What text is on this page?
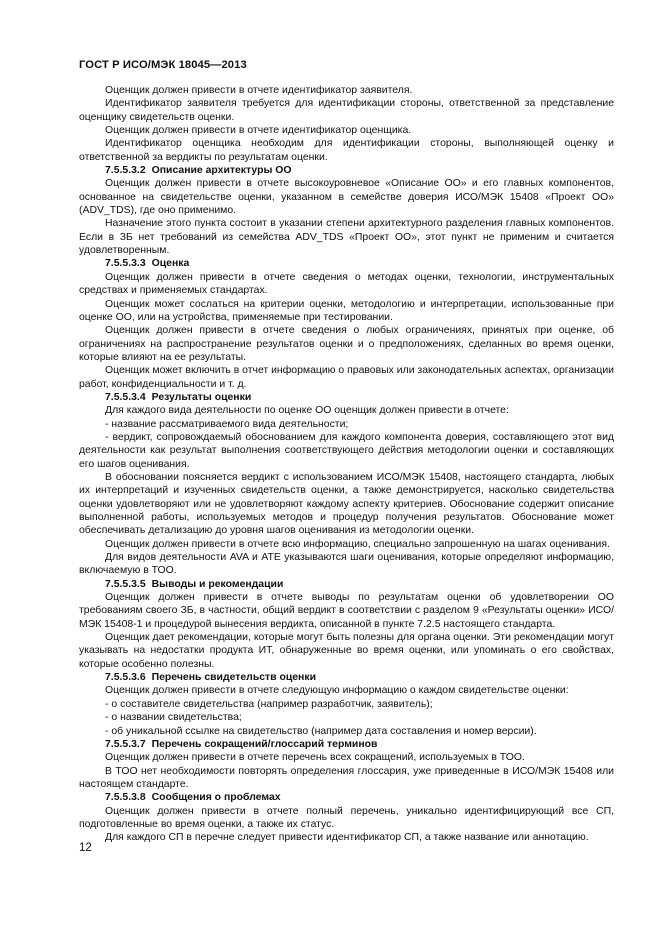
ГОСТ Р ИСО/МЭК 18045—2013

Оценщик должен привести в отчете идентификатор заявителя.

Идентификатор заявителя требуется для идентификации стороны, ответственной за представление оценщику свидетельств оценки.

Оценщик должен привести в отчете идентификатор оценщика.

Идентификатор оценщика необходим для идентификации стороны, выполняющей оценку и ответственной за вердикты по результатам оценки.

7.5.5.3.2 Описание архитектуры ОО

Оценщик должен привести в отчете высокоуровневое «Описание ОО» и его главных компонентов, основанное на свидетельстве оценки, указанном в семействе доверия ИСО/МЭК 15408 «Проект ОО» (ADV_TDS), где оно применимо.

Назначение этого пункта состоит в указании степени архитектурного разделения главных компонентов. Если в ЗБ нет требований из семейства ADV_TDS «Проект ОО», этот пункт не применим и считается удовлетворенным.

7.5.5.3.3 Оценка

Оценщик должен привести в отчете сведения о методах оценки, технологии, инструментальных средствах и применяемых стандартах.

Оценщик может сослаться на критерии оценки, методологию и интерпретации, использованные при оценке ОО, или на устройства, применяемые при тестировании.

Оценщик должен привести в отчете сведения о любых ограничениях, принятых при оценке, об ограничениях на распространение результатов оценки и о предположениях, сделанных во время оценки, которые влияют на ее результаты.

Оценщик может включить в отчет информацию о правовых или законодательных аспектах, организации работ, конфиденциальности и т. д.

7.5.5.3.4 Результаты оценки

Для каждого вида деятельности по оценке ОО оценщик должен привести в отчете:

- название рассматриваемого вида деятельности;

- вердикт, сопровождаемый обоснованием для каждого компонента доверия, составляющего этот вид деятельности как результат выполнения соответствующего действия методологии оценки и составляющих его шагов оценивания.

В обосновании поясняется вердикт с использованием ИСО/МЭК 15408, настоящего стандарта, любых их интерпретаций и изученных свидетельств оценки, а также демонстрируется, насколько свидетельства оценки удовлетворяют или не удовлетворяют каждому аспекту критериев. Обоснование содержит описание выполненной работы, используемых методов и процедур получения результатов. Обоснование может обеспечивать детализацию до уровня шагов оценивания из методологии оценки.

Оценщик должен привести в отчете всю информацию, специально запрошенную на шагах оценивания.

Для видов деятельности AVA и ATE указываются шаги оценивания, которые определяют информацию, включаемую в ТОО.

7.5.5.3.5 Выводы и рекомендации

Оценщик должен привести в отчете выводы по результатам оценки об удовлетворении ОО требованиям своего ЗБ, в частности, общий вердикт в соответствии с разделом 9 «Результаты оценки» ИСО/МЭК 15408-1 и процедурой вынесения вердикта, описанной в пункте 7.2.5 настоящего стандарта.

Оценщик дает рекомендации, которые могут быть полезны для органа оценки. Эти рекомендации могут указывать на недостатки продукта ИТ, обнаруженные во время оценки, или упоминать о его свойствах, которые особенно полезны.

7.5.5.3.6 Перечень свидетельств оценки

Оценщик должен привести в отчете следующую информацию о каждом свидетельстве оценки:

- о составителе свидетельства (например разработчик, заявитель);

- о названии свидетельства;

- об уникальной ссылке на свидетельство (например дата составления и номер версии).

7.5.5.3.7 Перечень сокращений/глоссарий терминов

Оценщик должен привести в отчете перечень всех сокращений, используемых в ТОО.

В ТОО нет необходимости повторять определения глоссария, уже приведенные в ИСО/МЭК 15408 или настоящем стандарте.

7.5.5.3.8 Сообщения о проблемах

Оценщик должен привести в отчете полный перечень, уникально идентифицирующий все СП, подготовленные во время оценки, а также их статус.

Для каждого СП в перечне следует привести идентификатор СП, а также название или аннотацию.

12
